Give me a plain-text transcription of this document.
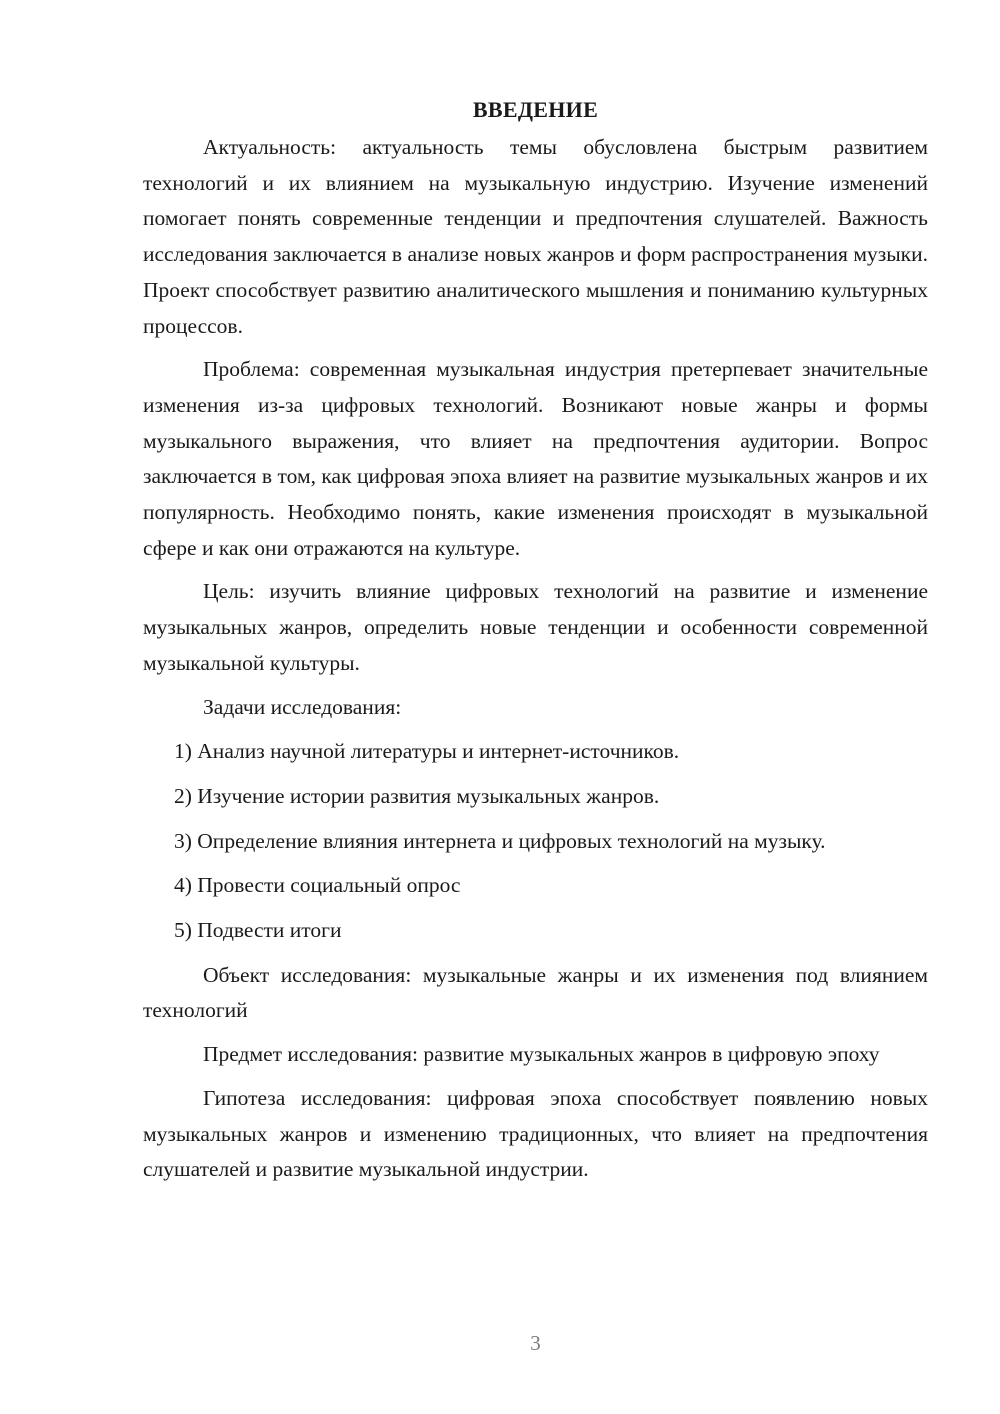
ВВЕДЕНИЕ

Актуальность: актуальность темы обусловлена быстрым развитием технологий и их влиянием на музыкальную индустрию. Изучение изменений помогает понять современные тенденции и предпочтения слушателей. Важность исследования заключается в анализе новых жанров и форм распространения музыки. Проект способствует развитию аналитического мышления и пониманию культурных процессов.

Проблема: современная музыкальная индустрия претерпевает значительные изменения из-за цифровых технологий. Возникают новые жанры и формы музыкального выражения, что влияет на предпочтения аудитории. Вопрос заключается в том, как цифровая эпоха влияет на развитие музыкальных жанров и их популярность. Необходимо понять, какие изменения происходят в музыкальной сфере и как они отражаются на культуре.

Цель: изучить влияние цифровых технологий на развитие и изменение музыкальных жанров, определить новые тенденции и особенности современной музыкальной культуры.

Задачи исследования:
1) Анализ научной литературы и интернет-источников.
2) Изучение истории развития музыкальных жанров.
3) Определение влияния интернета и цифровых технологий на музыку.
4) Провести социальный опрос
5) Подвести итоги

Объект исследования: музыкальные жанры и их изменения под влиянием технологий

Предмет исследования: развитие музыкальных жанров в цифровую эпоху

Гипотеза исследования: цифровая эпоха способствует появлению новых музыкальных жанров и изменению традиционных, что влияет на предпочтения слушателей и развитие музыкальной индустрии.

3
